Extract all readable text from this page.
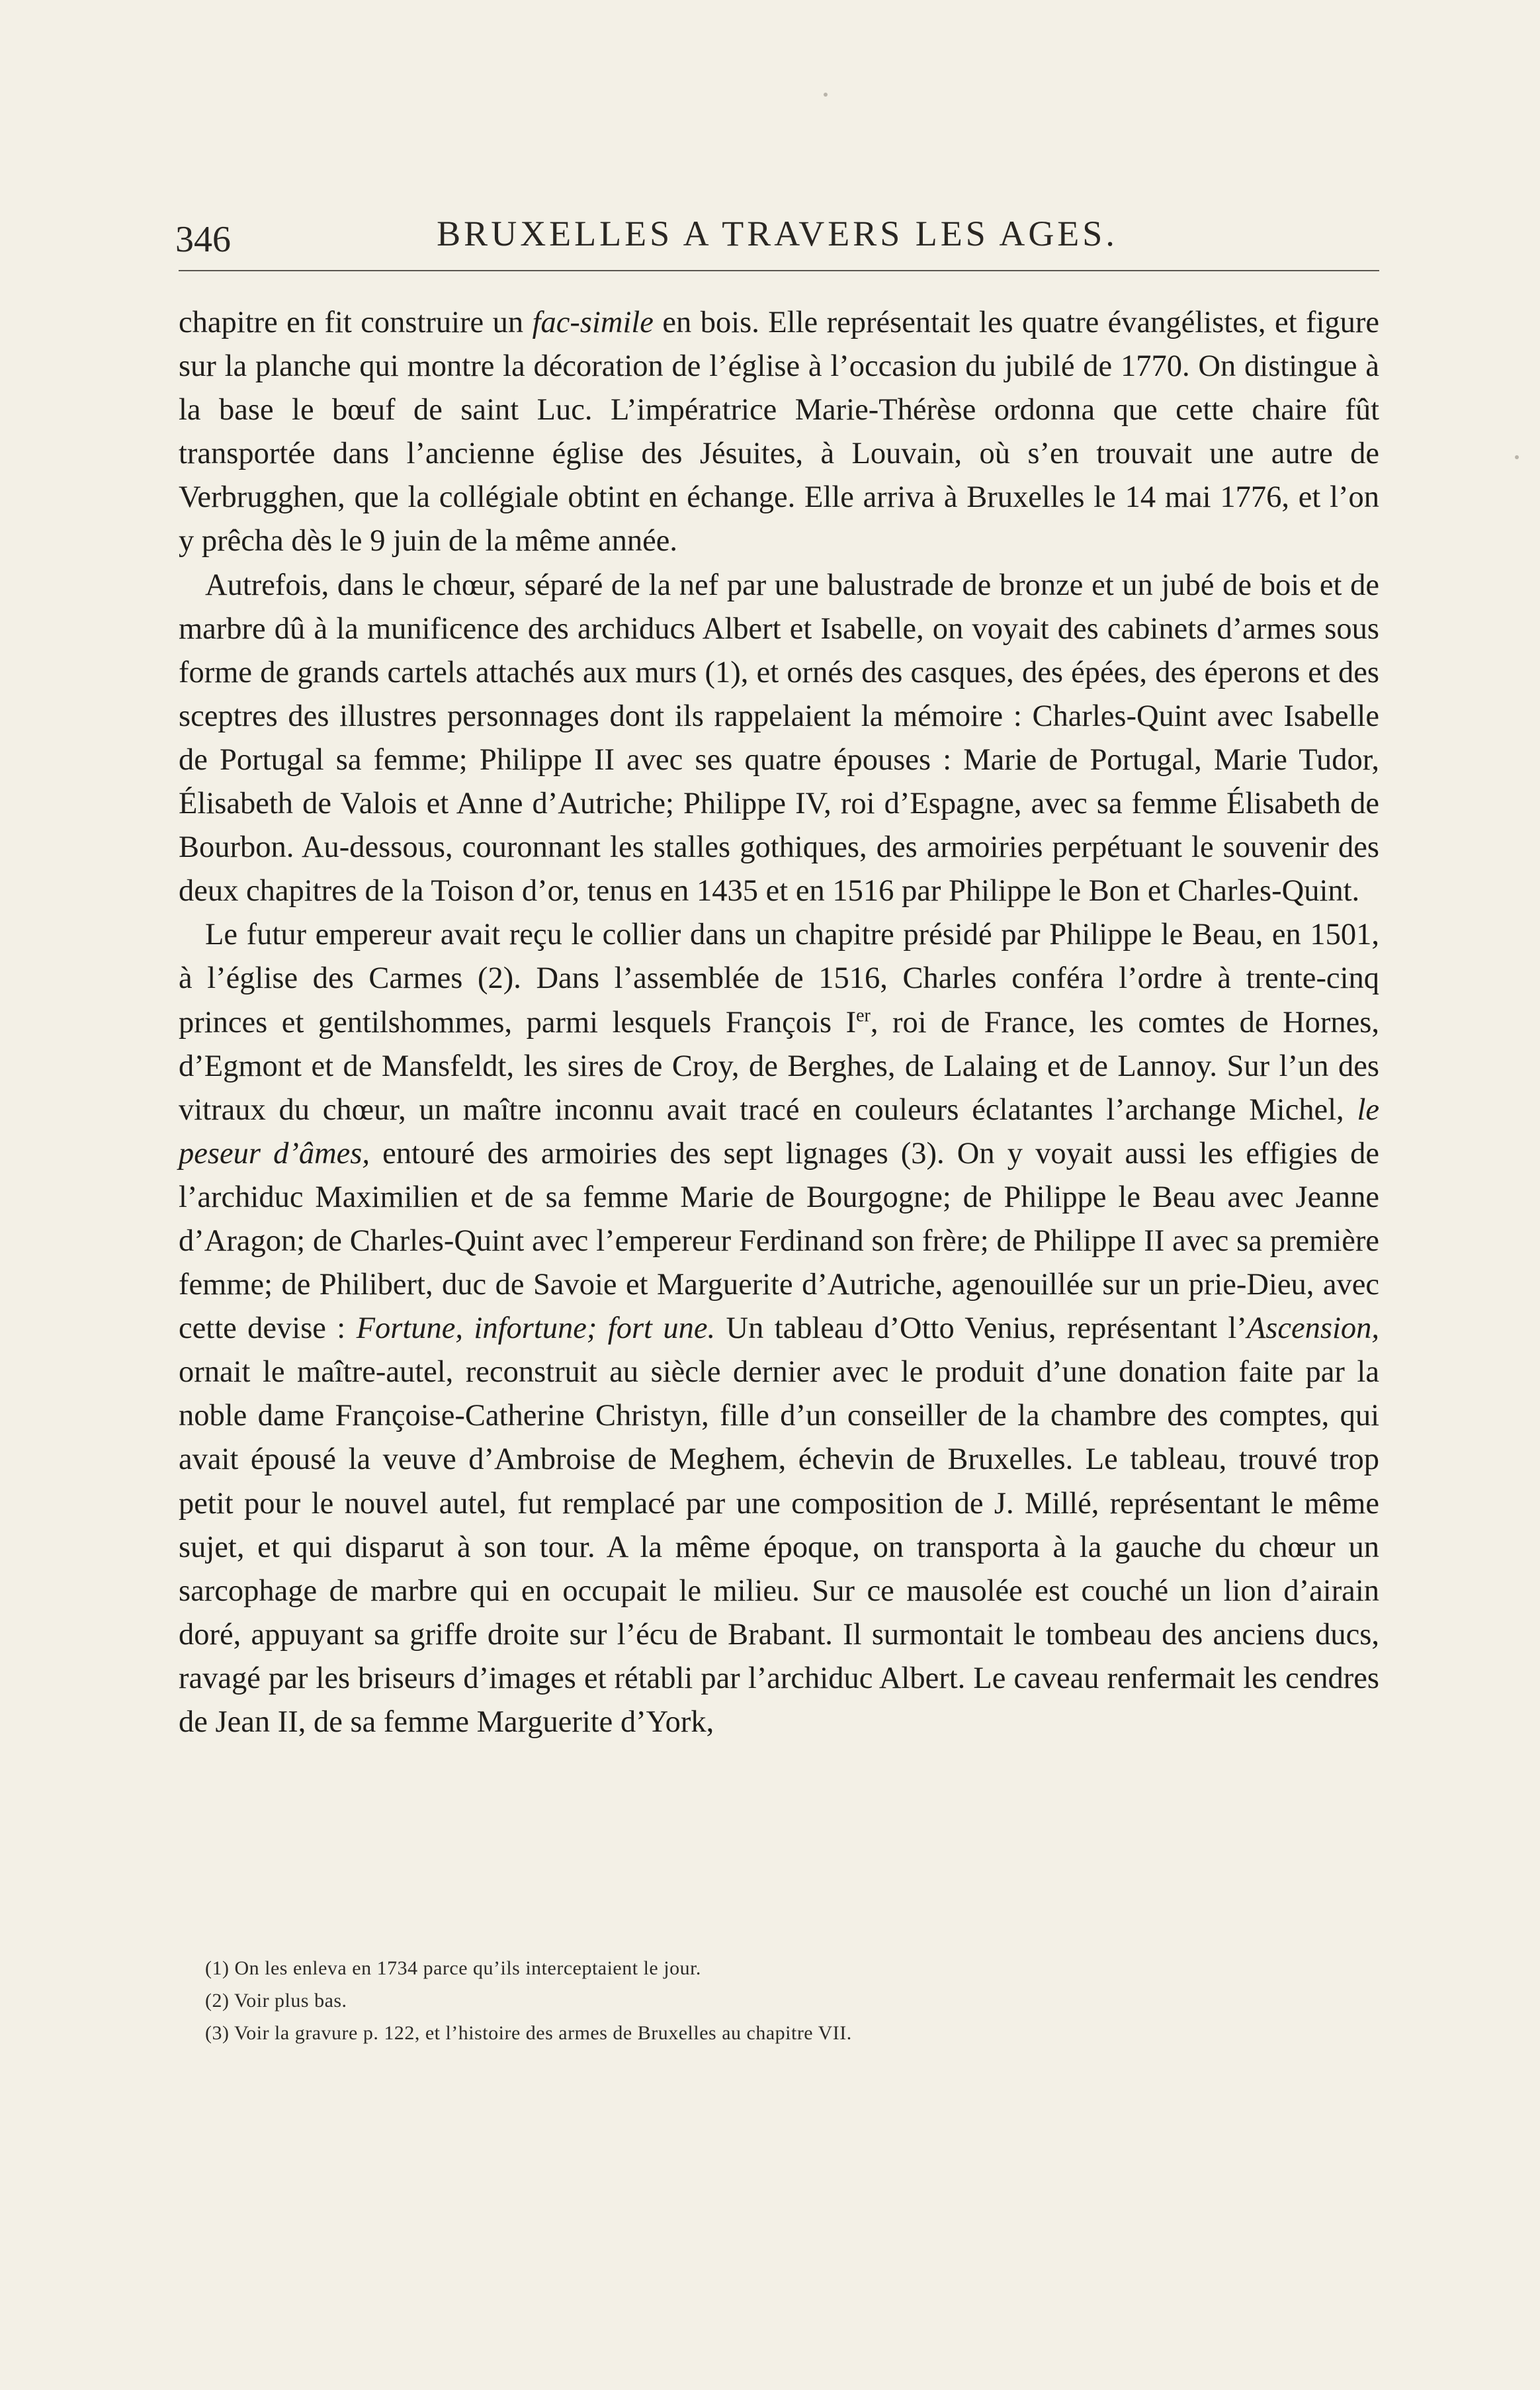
346	BRUXELLES A TRAVERS LES AGES.

chapitre en fit construire un fac-simile en bois. Elle représentait les quatre évangélistes, et figure sur la planche qui montre la décoration de l’église à l’occasion du jubilé de 1770. On distingue à la base le bœuf de saint Luc. L’impératrice Marie-Thérèse ordonna que cette chaire fût transportée dans l’ancienne église des Jésuites, à Louvain, où s’en trouvait une autre de Verbrugghen, que la collégiale obtint en échange. Elle arriva à Bruxelles le 14 mai 1776, et l’on y prêcha dès le 9 juin de la même année.

Autrefois, dans le chœur, séparé de la nef par une balustrade de bronze et un jubé de bois et de marbre dû à la munificence des archiducs Albert et Isabelle, on voyait des cabinets d’armes sous forme de grands cartels attachés aux murs (1), et ornés des casques, des épées, des éperons et des sceptres des illustres personnages dont ils rappelaient la mémoire : Charles-Quint avec Isabelle de Portugal sa femme; Philippe II avec ses quatre épouses : Marie de Portugal, Marie Tudor, Élisabeth de Valois et Anne d’Autriche; Philippe IV, roi d’Espagne, avec sa femme Élisabeth de Bourbon. Au-dessous, couronnant les stalles gothiques, des armoiries perpétuant le souvenir des deux chapitres de la Toison d’or, tenus en 1435 et en 1516 par Philippe le Bon et Charles-Quint.

Le futur empereur avait reçu le collier dans un chapitre présidé par Philippe le Beau, en 1501, à l’église des Carmes (2). Dans l’assemblée de 1516, Charles conféra l’ordre à trente-cinq princes et gentilshommes, parmi lesquels François Ier, roi de France, les comtes de Hornes, d’Egmont et de Mansfeldt, les sires de Croy, de Berghes, de Lalaing et de Lannoy. Sur l’un des vitraux du chœur, un maître inconnu avait tracé en couleurs éclatantes l’archange Michel, le peseur d’âmes, entouré des armoiries des sept lignages (3). On y voyait aussi les effigies de l’archiduc Maximilien et de sa femme Marie de Bourgogne; de Philippe le Beau avec Jeanne d’Aragon; de Charles-Quint avec l’empereur Ferdinand son frère; de Philippe II avec sa première femme; de Philibert, duc de Savoie et Marguerite d’Autriche, agenouillée sur un prie-Dieu, avec cette devise : Fortune, infortune; fort une. Un tableau d’Otto Venius, représentant l’Ascension, ornait le maître-autel, reconstruit au siècle dernier avec le produit d’une donation faite par la noble dame Françoise-Catherine Christyn, fille d’un conseiller de la chambre des comptes, qui avait épousé la veuve d’Ambroise de Meghem, échevin de Bruxelles. Le tableau, trouvé trop petit pour le nouvel autel, fut remplacé par une composition de J. Millé, représentant le même sujet, et qui disparut à son tour. A la même époque, on transporta à la gauche du chœur un sarcophage de marbre qui en occupait le milieu. Sur ce mausolée est couché un lion d’airain doré, appuyant sa griffe droite sur l’écu de Brabant. Il surmontait le tombeau des anciens ducs, ravagé par les briseurs d’images et rétabli par l’archiduc Albert. Le caveau renfermait les cendres de Jean II, de sa femme Marguerite d’York,

(1) On les enleva en 1734 parce qu’ils interceptaient le jour.

(2) Voir plus bas.

(3) Voir la gravure p. 122, et l’histoire des armes de Bruxelles au chapitre VII.
